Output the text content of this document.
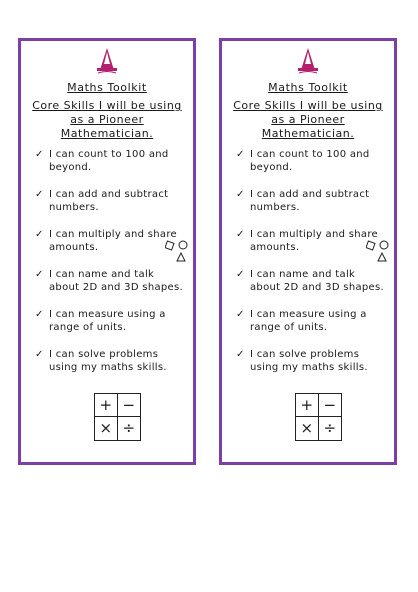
Maths Toolkit
Core Skills I will be using as a Pioneer Mathematician.
✓ I can count to 100 and beyond.
✓ I can add and subtract numbers.
✓ I can multiply and share amounts.
✓ I can name and talk about 2D and 3D shapes.
✓ I can measure using a range of units.
✓ I can solve problems using my maths skills.
+ −
× ÷
Maths Toolkit
Core Skills I will be using as a Pioneer Mathematician.
✓ I can count to 100 and beyond.
✓ I can add and subtract numbers.
✓ I can multiply and share amounts.
✓ I can name and talk about 2D and 3D shapes.
✓ I can measure using a range of units.
✓ I can solve problems using my maths skills.
+ −
× ÷
